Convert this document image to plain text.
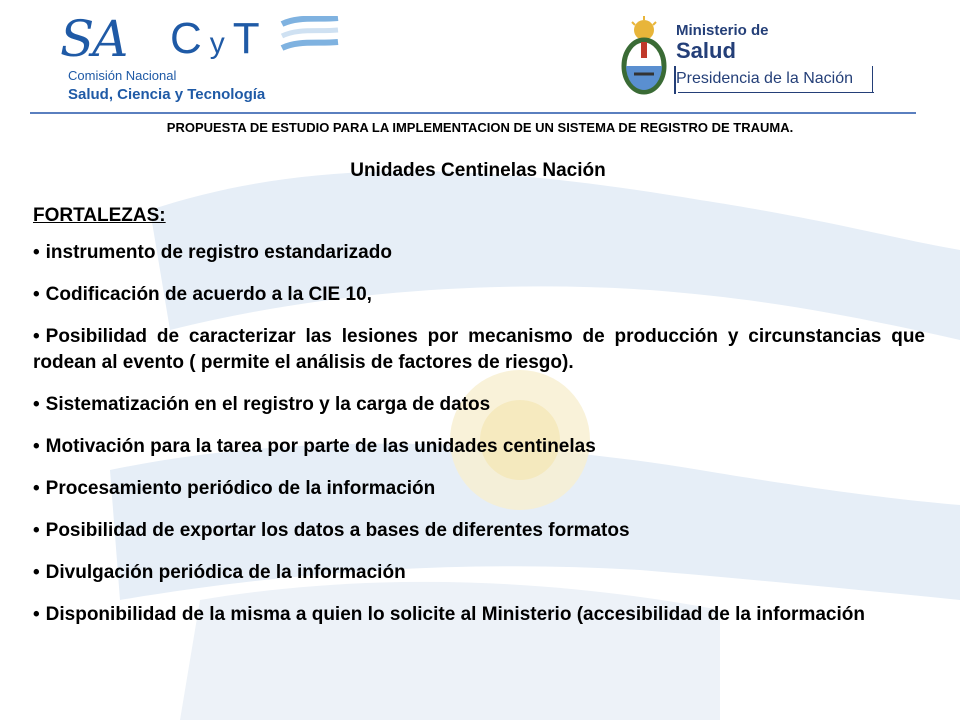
SA C y T
Comisión Nacional
Salud, Ciencia y Tecnología
Ministerio de
Salud
Presidencia de la Nación
PROPUESTA DE ESTUDIO PARA LA IMPLEMENTACION DE UN SISTEMA DE REGISTRO DE TRAUMA.
Unidades Centinelas Nación
FORTALEZAS:
• instrumento de registro estandarizado
• Codificación de acuerdo a la CIE 10,
• Posibilidad de caracterizar las lesiones por mecanismo de producción y circunstancias que rodean al evento ( permite el análisis de factores de riesgo).
• Sistematización en el registro y la carga de datos
• Motivación para la tarea por parte de las unidades centinelas
• Procesamiento periódico de la información
• Posibilidad de exportar los datos a bases de diferentes formatos
• Divulgación periódica de la información
• Disponibilidad de la misma a quien lo solicite al Ministerio (accesibilidad de la información
